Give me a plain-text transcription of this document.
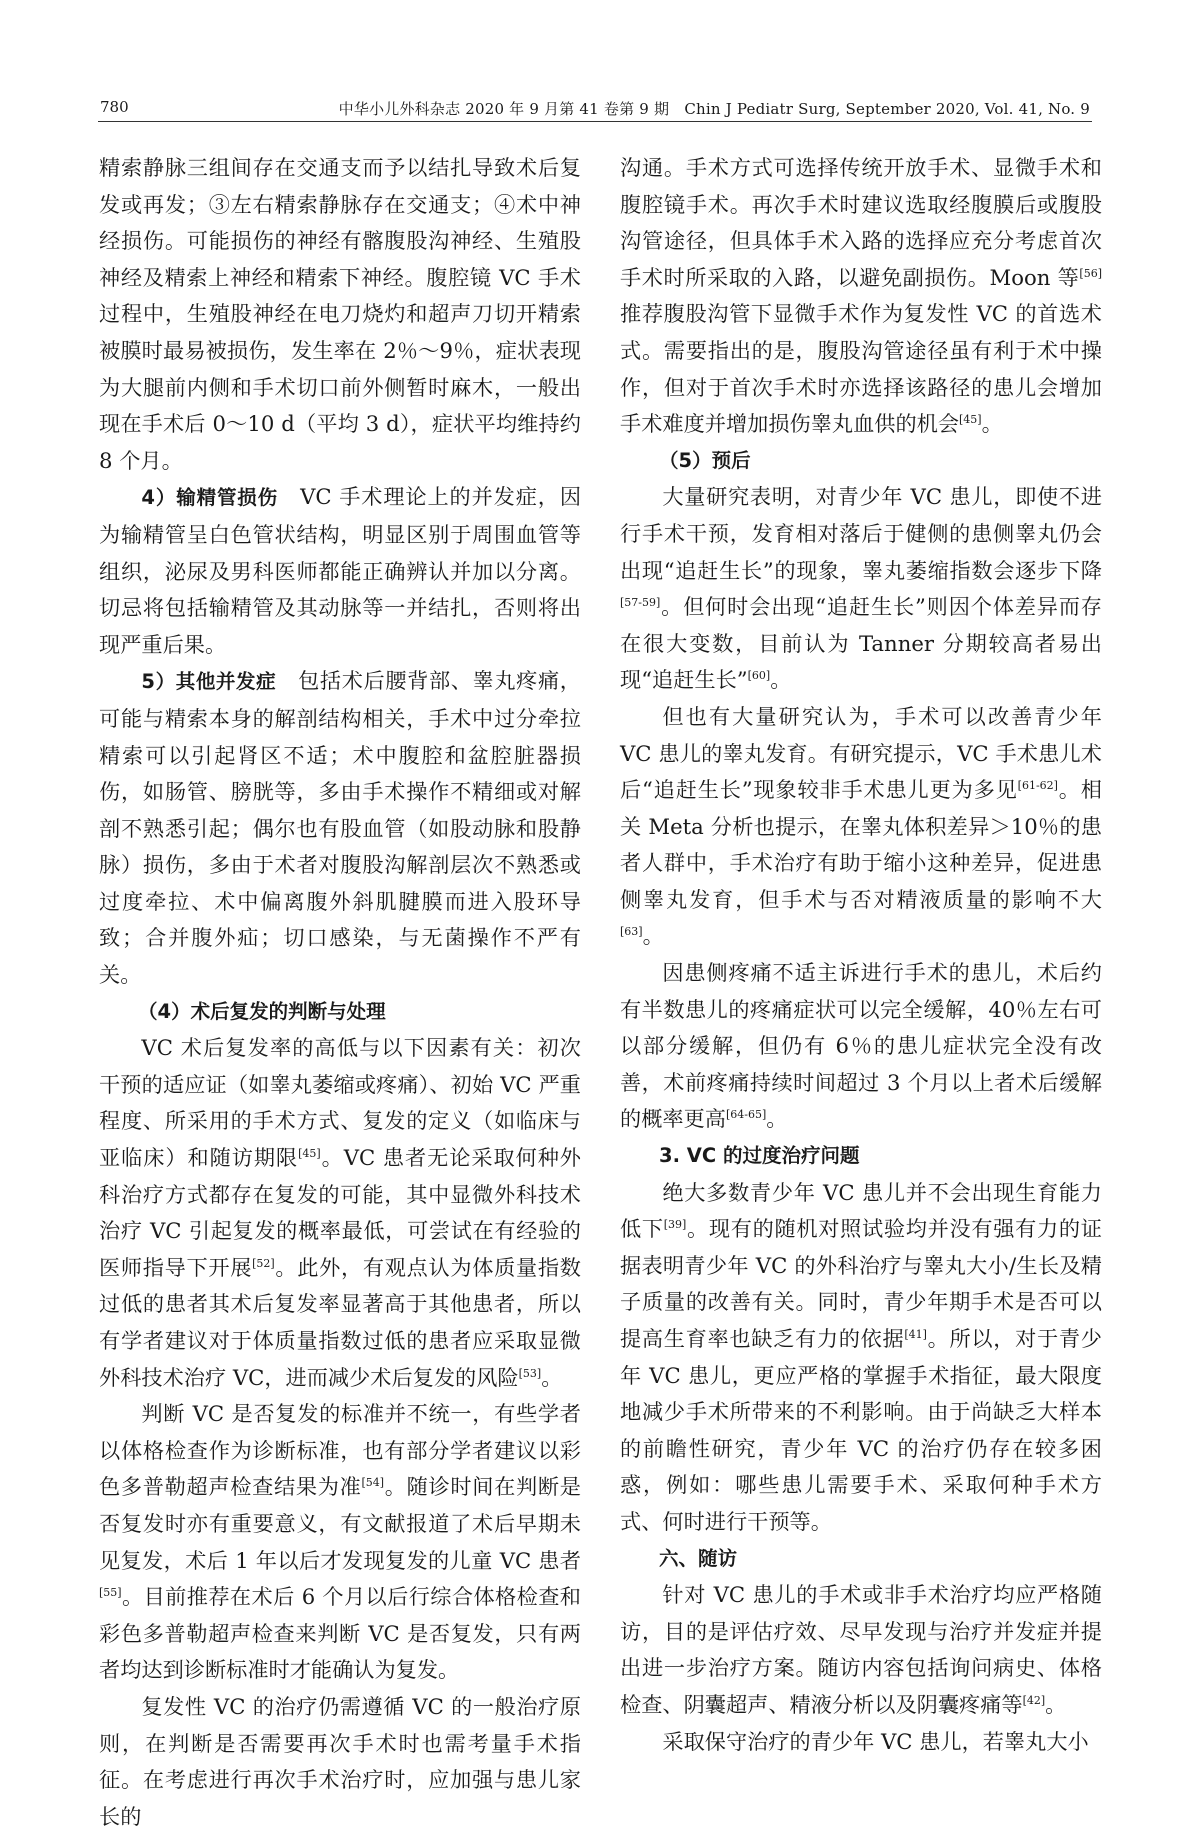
780	中华小儿外科杂志 2020 年 9 月第 41 卷第 9 期　Chin J Pediatr Surg, September 2020, Vol. 41, No. 9

精索静脉三组间存在交通支而予以结扎导致术后复发或再发；③左右精索静脉存在交通支；④术中神经损伤。可能损伤的神经有髂腹股沟神经、生殖股神经及精索上神经和精索下神经。腹腔镜 VC 手术过程中，生殖股神经在电刀烧灼和超声刀切开精索被膜时最易被损伤，发生率在 2％～9％，症状表现为大腿前内侧和手术切口前外侧暂时麻木，一般出现在手术后 0～10 d（平均 3 d），症状平均维持约 8 个月。

4）输精管损伤　VC 手术理论上的并发症，因为输精管呈白色管状结构，明显区别于周围血管等组织，泌尿及男科医师都能正确辨认并加以分离。切忌将包括输精管及其动脉等一并结扎，否则将出现严重后果。

5）其他并发症　包括术后腰背部、睾丸疼痛，可能与精索本身的解剖结构相关，手术中过分牵拉精索可以引起肾区不适；术中腹腔和盆腔脏器损伤，如肠管、膀胱等，多由手术操作不精细或对解剖不熟悉引起；偶尔也有股血管（如股动脉和股静脉）损伤，多由于术者对腹股沟解剖层次不熟悉或过度牵拉、术中偏离腹外斜肌腱膜而进入股环导致；合并腹外疝；切口感染，与无菌操作不严有关。

（4）术后复发的判断与处理

VC 术后复发率的高低与以下因素有关：初次干预的适应证（如睾丸萎缩或疼痛）、初始 VC 严重程度、所采用的手术方式、复发的定义（如临床与亚临床）和随访期限[45]。VC 患者无论采取何种外科治疗方式都存在复发的可能，其中显微外科技术治疗 VC 引起复发的概率最低，可尝试在有经验的医师指导下开展[52]。此外，有观点认为体质量指数过低的患者其术后复发率显著高于其他患者，所以有学者建议对于体质量指数过低的患者应采取显微外科技术治疗 VC，进而减少术后复发的风险[53]。

判断 VC 是否复发的标准并不统一，有些学者以体格检查作为诊断标准，也有部分学者建议以彩色多普勒超声检查结果为准[54]。随诊时间在判断是否复发时亦有重要意义，有文献报道了术后早期未见复发，术后 1 年以后才发现复发的儿童 VC 患者[55]。目前推荐在术后 6 个月以后行综合体格检查和彩色多普勒超声检查来判断 VC 是否复发，只有两者均达到诊断标准时才能确认为复发。

复发性 VC 的治疗仍需遵循 VC 的一般治疗原则，在判断是否需要再次手术时也需考量手术指征。在考虑进行再次手术治疗时，应加强与患儿家长的

沟通。手术方式可选择传统开放手术、显微手术和腹腔镜手术。再次手术时建议选取经腹膜后或腹股沟管途径，但具体手术入路的选择应充分考虑首次手术时所采取的入路，以避免副损伤。Moon 等[56]推荐腹股沟管下显微手术作为复发性 VC 的首选术式。需要指出的是，腹股沟管途径虽有利于术中操作，但对于首次手术时亦选择该路径的患儿会增加手术难度并增加损伤睾丸血供的机会[45]。

（5）预后

大量研究表明，对青少年 VC 患儿，即使不进行手术干预，发育相对落后于健侧的患侧睾丸仍会出现“追赶生长”的现象，睾丸萎缩指数会逐步下降[57-59]。但何时会出现“追赶生长”则因个体差异而存在很大变数，目前认为 Tanner 分期较高者易出现“追赶生长”[60]。

但也有大量研究认为，手术可以改善青少年 VC 患儿的睾丸发育。有研究提示，VC 手术患儿术后“追赶生长”现象较非手术患儿更为多见[61-62]。相关 Meta 分析也提示，在睾丸体积差异＞10％的患者人群中，手术治疗有助于缩小这种差异，促进患侧睾丸发育，但手术与否对精液质量的影响不大[63]。

因患侧疼痛不适主诉进行手术的患儿，术后约有半数患儿的疼痛症状可以完全缓解，40％左右可以部分缓解，但仍有 6％的患儿症状完全没有改善，术前疼痛持续时间超过 3 个月以上者术后缓解的概率更高[64-65]。

3. VC 的过度治疗问题

绝大多数青少年 VC 患儿并不会出现生育能力低下[39]。现有的随机对照试验均并没有强有力的证据表明青少年 VC 的外科治疗与睾丸大小/生长及精子质量的改善有关。同时，青少年期手术是否可以提高生育率也缺乏有力的依据[41]。所以，对于青少年 VC 患儿，更应严格的掌握手术指征，最大限度地减少手术所带来的不利影响。由于尚缺乏大样本的前瞻性研究，青少年 VC 的治疗仍存在较多困惑，例如：哪些患儿需要手术、采取何种手术方式、何时进行干预等。

六、随访

针对 VC 患儿的手术或非手术治疗均应严格随访，目的是评估疗效、尽早发现与治疗并发症并提出进一步治疗方案。随访内容包括询问病史、体格检查、阴囊超声、精液分析以及阴囊疼痛等[42]。

采取保守治疗的青少年 VC 患儿，若睾丸大小
